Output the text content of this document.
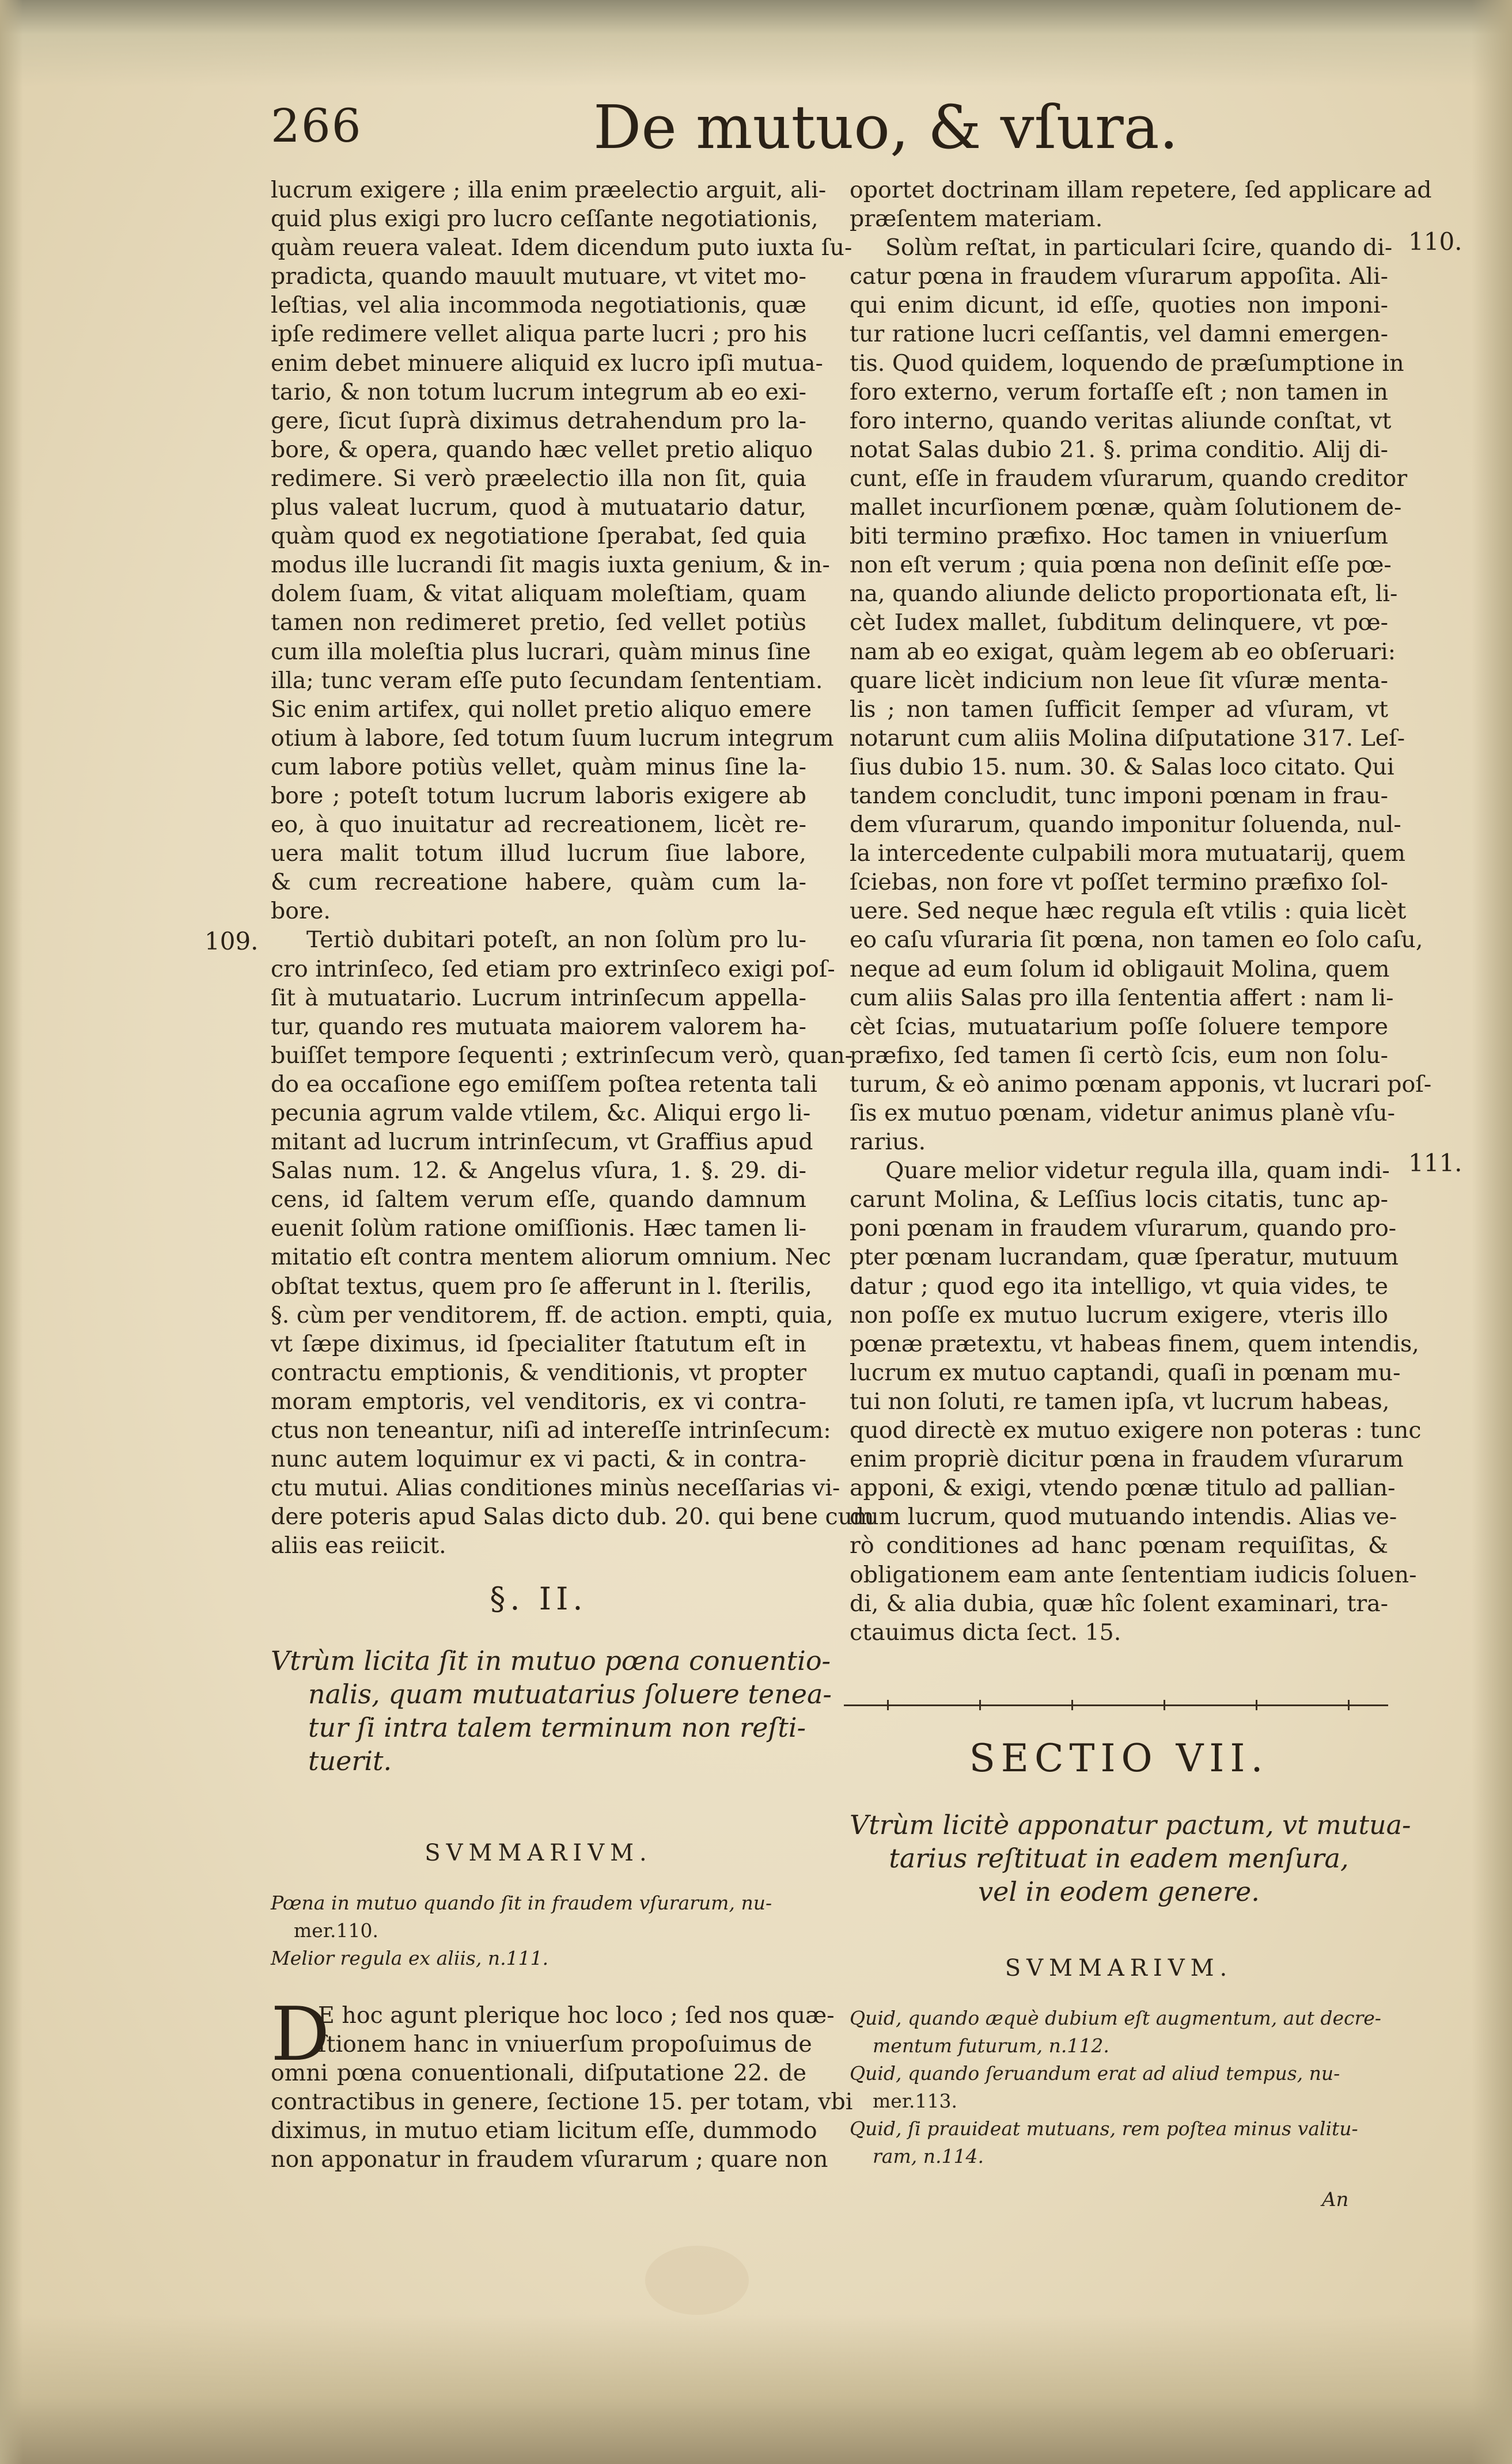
266	De mutuo, & vſura.
110.
109.
111.
lucrum exigere ; illa enim præelectio arguit, ali-
quid plus exigi pro lucro ceſſante negotiationis,
quàm reuera valeat. Idem dicendum puto iuxta ſu-
pradicta, quando mauult mutuare, vt vitet mo-
leſtias, vel alia incommoda negotiationis, quæ
ipſe redimere vellet aliqua parte lucri ; pro his
enim debet minuere aliquid ex lucro ipſi mutua-
tario, & non totum lucrum integrum ab eo exi-
gere, ſicut ſuprà diximus detrahendum pro la-
bore, & opera, quando hæc vellet pretio aliquo
redimere. Si verò præelectio illa non ſit, quia
plus valeat lucrum, quod à mutuatario datur,
quàm quod ex negotiatione ſperabat, ſed quia
modus ille lucrandi ſit magis iuxta genium, & in-
dolem ſuam, & vitat aliquam moleſtiam, quam
tamen non redimeret pretio, ſed vellet potiùs
cum illa moleſtia plus lucrari, quàm minus ſine
illa; tunc veram eſſe puto ſecundam ſententiam.
Sic enim artifex, qui nollet pretio aliquo emere
otium à labore, ſed totum ſuum lucrum integrum
cum labore potiùs vellet, quàm minus ſine la-
bore ; poteſt totum lucrum laboris exigere ab
eo, à quo inuitatur ad recreationem, licèt re-
uera malit totum illud lucrum ſiue labore,
& cum recreatione habere, quàm cum la-
bore.
Tertiò dubitari poteſt, an non ſolùm pro lu-
cro intrinſeco, ſed etiam pro extrinſeco exigi poſ-
ſit à mutuatario. Lucrum intrinſecum appella-
tur, quando res mutuata maiorem valorem ha-
buiſſet tempore ſequenti ; extrinſecum verò, quan-
do ea occaſione ego emiſſem poſtea retenta tali
pecunia agrum valde vtilem, &c. Aliqui ergo li-
mitant ad lucrum intrinſecum, vt Graffius apud
Salas num. 12. & Angelus vſura, 1. §. 29. di-
cens, id ſaltem verum eſſe, quando damnum
euenit ſolùm ratione omiſſionis. Hæc tamen li-
mitatio eſt contra mentem aliorum omnium. Nec
obſtat textus, quem pro ſe afferunt in l. ſterilis,
§. cùm per venditorem, ff. de action. empti, quia,
vt ſæpe diximus, id ſpecialiter ſtatutum eſt in
contractu emptionis, & venditionis, vt propter
moram emptoris, vel venditoris, ex vi contra-
ctus non teneantur, niſi ad intereſſe intrinſecum:
nunc autem loquimur ex vi pacti, & in contra-
ctu mutui. Alias conditiones minùs neceſſarias vi-
dere poteris apud Salas dicto dub. 20. qui bene cum
aliis eas reiicit.
§. II.
Vtrùm licita ſit in mutuo pœna conuentio-
nalis, quam mutuatarius ſoluere tenea-
tur ſi intra talem terminum non reſti-
tuerit.
SVMMARIVM.
Pœna in mutuo quando ſit in fraudem vſurarum, nu-
mer.110.
Melior regula ex aliis, n.111.
D
E hoc agunt plerique hoc loco ; ſed nos quæ-
ſtionem hanc in vniuerſum propoſuimus de
omni pœna conuentionali, diſputatione 22. de
contractibus in genere, ſectione 15. per totam, vbi
diximus, in mutuo etiam licitum eſſe, dummodo
non apponatur in fraudem vſurarum ; quare non
oportet doctrinam illam repetere, ſed applicare ad
præſentem materiam.
Solùm reſtat, in particulari ſcire, quando di-
catur pœna in fraudem vſurarum appoſita. Ali-
qui enim dicunt, id eſſe, quoties non imponi-
tur ratione lucri ceſſantis, vel damni emergen-
tis. Quod quidem, loquendo de præſumptione in
foro externo, verum fortaſſe eſt ; non tamen in
foro interno, quando veritas aliunde conſtat, vt
notat Salas dubio 21. §. prima conditio. Alij di-
cunt, eſſe in fraudem vſurarum, quando creditor
mallet incurſionem pœnæ, quàm ſolutionem de-
biti termino præfixo. Hoc tamen in vniuerſum
non eſt verum ; quia pœna non deſinit eſſe pœ-
na, quando aliunde delicto proportionata eſt, li-
cèt Iudex mallet, ſubditum delinquere, vt pœ-
nam ab eo exigat, quàm legem ab eo obſeruari:
quare licèt indicium non leue ſit vſuræ menta-
lis ; non tamen ſufficit ſemper ad vſuram, vt
notarunt cum aliis Molina diſputatione 317. Leſ-
ſius dubio 15. num. 30. & Salas loco citato. Qui
tandem concludit, tunc imponi pœnam in frau-
dem vſurarum, quando imponitur ſoluenda, nul-
la intercedente culpabili mora mutuatarij, quem
ſciebas, non fore vt poſſet termino præfixo ſol-
uere. Sed neque hæc regula eſt vtilis : quia licèt
eo caſu vſuraria ſit pœna, non tamen eo ſolo caſu,
neque ad eum ſolum id obligauit Molina, quem
cum aliis Salas pro illa ſententia affert : nam li-
cèt ſcias, mutuatarium poſſe ſoluere tempore
præfixo, ſed tamen ſi certò ſcis, eum non ſolu-
turum, & eò animo pœnam apponis, vt lucrari poſ-
ſis ex mutuo pœnam, videtur animus planè vſu-
rarius.
Quare melior videtur regula illa, quam indi-
carunt Molina, & Leſſius locis citatis, tunc ap-
poni pœnam in fraudem vſurarum, quando pro-
pter pœnam lucrandam, quæ ſperatur, mutuum
datur ; quod ego ita intelligo, vt quia vides, te
non poſſe ex mutuo lucrum exigere, vteris illo
pœnæ prætextu, vt habeas finem, quem intendis,
lucrum ex mutuo captandi, quaſi in pœnam mu-
tui non ſoluti, re tamen ipſa, vt lucrum habeas,
quod directè ex mutuo exigere non poteras : tunc
enim propriè dicitur pœna in fraudem vſurarum
apponi, & exigi, vtendo pœnæ titulo ad pallian-
dum lucrum, quod mutuando intendis. Alias ve-
rò conditiones ad hanc pœnam requiſitas, &
obligationem eam ante ſententiam iudicis ſoluen-
di, & alia dubia, quæ hîc ſolent examinari, tra-
ctauimus dicta ſect. 15.
SECTIO VII.
Vtrùm licitè apponatur pactum, vt mutua-
tarius reſtituat in eadem menſura,
vel in eodem genere.
SVMMARIVM.
Quid, quando æquè dubium eſt augmentum, aut decre-
mentum futurum, n.112.
Quid, quando ſeruandum erat ad aliud tempus, nu-
mer.113.
Quid, ſi prauideat mutuans, rem poſtea minus valitu-
ram, n.114.
An
